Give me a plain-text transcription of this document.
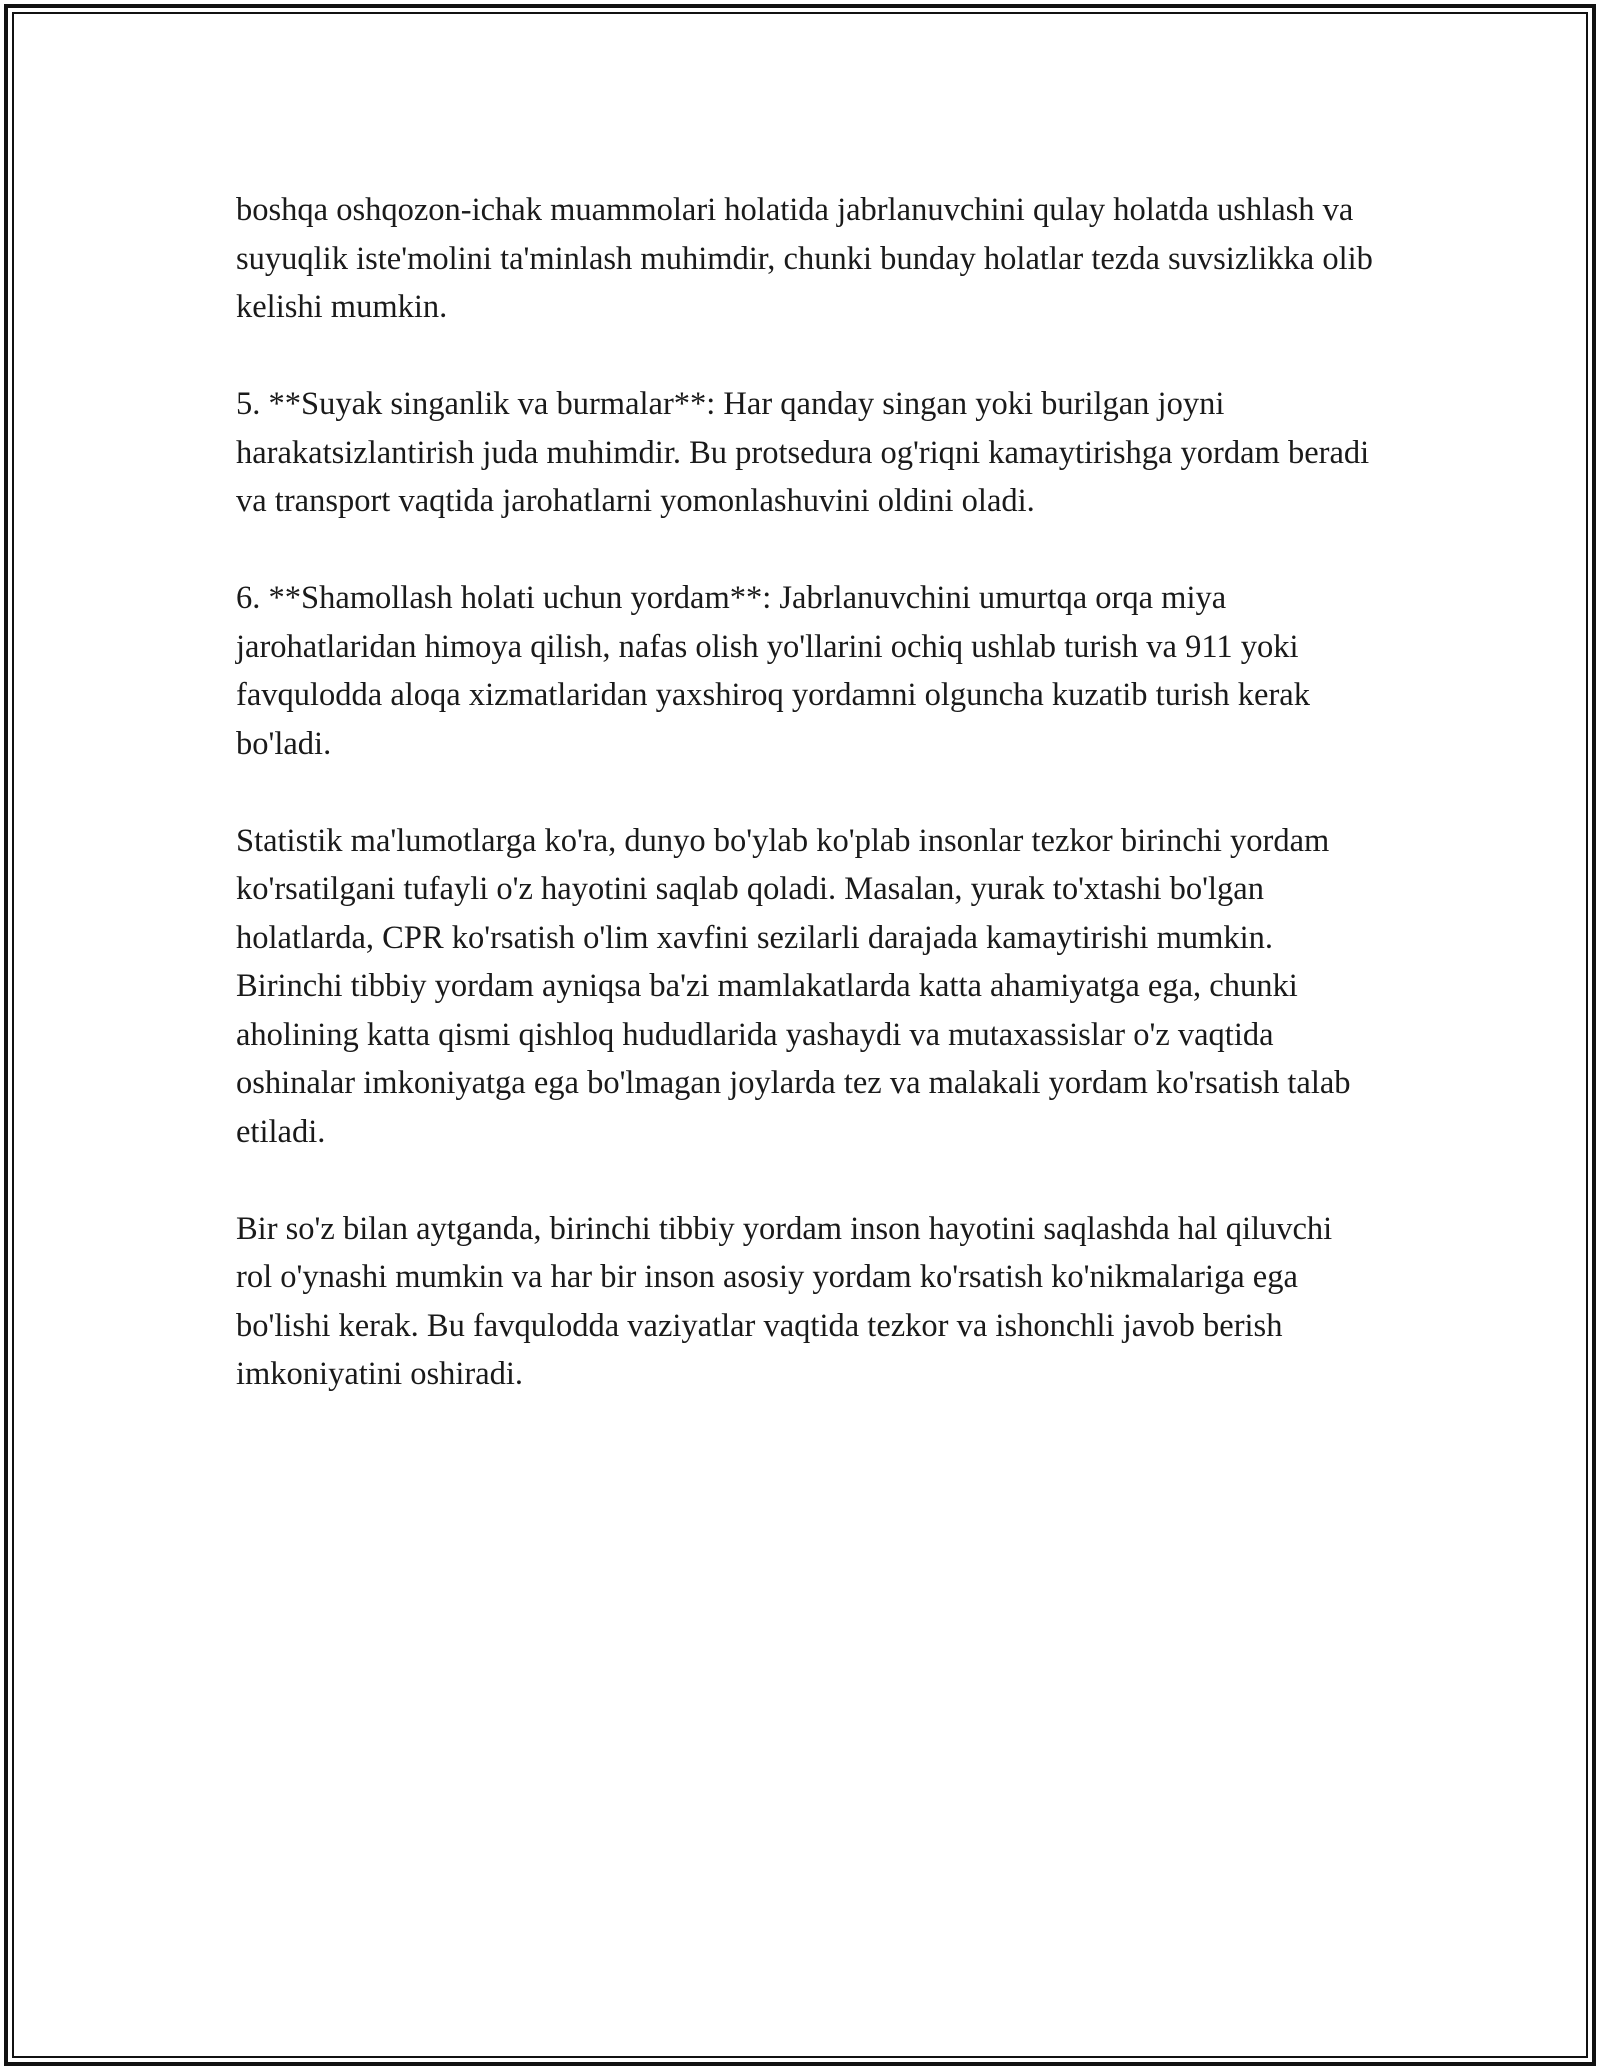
boshqa oshqozon-ichak muammolari holatida jabrlanuvchini qulay holatda ushlash va suyuqlik iste'molini ta'minlash muhimdir, chunki bunday holatlar tezda suvsizlikka olib kelishi mumkin.

5. **Suyak singanlik va burmalar**: Har qanday singan yoki burilgan joyni harakatsizlantirish juda muhimdir. Bu protsedura og'riqni kamaytirishga yordam beradi va transport vaqtida jarohatlarni yomonlashuvini oldini oladi.

6. **Shamollash holati uchun yordam**: Jabrlanuvchini umurtqa orqa miya jarohatlaridan himoya qilish, nafas olish yo'llarini ochiq ushlab turish va 911 yoki favqulodda aloqa xizmatlaridan yaxshiroq yordamni olguncha kuzatib turish kerak bo'ladi.

Statistik ma'lumotlarga ko'ra, dunyo bo'ylab ko'plab insonlar tezkor birinchi yordam ko'rsatilgani tufayli o'z hayotini saqlab qoladi. Masalan, yurak to'xtashi bo'lgan holatlarda, CPR ko'rsatish o'lim xavfini sezilarli darajada kamaytirishi mumkin. Birinchi tibbiy yordam ayniqsa ba'zi mamlakatlarda katta ahamiyatga ega, chunki aholining katta qismi qishloq hududlarida yashaydi va mutaxassislar o'z vaqtida oshinalar imkoniyatga ega bo'lmagan joylarda tez va malakali yordam ko'rsatish talab etiladi.

Bir so'z bilan aytganda, birinchi tibbiy yordam inson hayotini saqlashda hal qiluvchi rol o'ynashi mumkin va har bir inson asosiy yordam ko'rsatish ko'nikmalariga ega bo'lishi kerak. Bu favqulodda vaziyatlar vaqtida tezkor va ishonchli javob berish imkoniyatini oshiradi.
